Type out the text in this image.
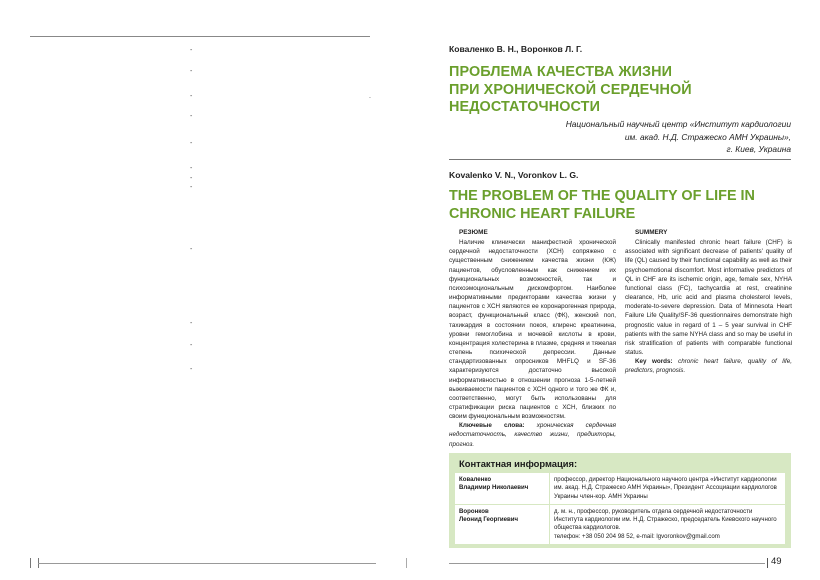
-
-
-	.
-
-
-
-
-
-
-
-
-
Коваленко В. Н., Воронков Л. Г.
ПРОБЛЕМА КАЧЕСТВА ЖИЗНИ
ПРИ ХРОНИЧЕСКОЙ СЕРДЕЧНОЙ
НЕДОСТАТОЧНОСТИ
Национальный научный центр «Институт кардиологии
им. акад. Н.Д. Стражеско АМН Украины»,
г. Киев, Украина
Kovalenko V. N., Voronkov L. G.
THE PROBLEM OF THE QUALITY OF LIFE IN
CHRONIC HEART FAILURE
РЕЗЮМЕ

Наличие клинически манифестной хронической сердечной недостаточности (ХСН) сопряжено с существенным снижением качества жизни (КЖ) пациентов, обусловленным как снижением их функциональных возможностей, так и психоэмоциональным дискомфортом. Наиболее информативными предикторами качества жизни у пациентов с ХСН являются ее коронарогенная природа, возраст, функциональный класс (ФК), женский пол, тахикардия в состоянии покоя, клиренс креатинина, уровни гемоглобина и мочевой кислоты в крови, концентрация холестерина в плазме, средняя и тяжелая степень психической депрессии. Данные стандартизованных опросников MHFLQ и SF-36 характеризуются достаточно высокой информативностью в отношении прогноза 1-5-летней выживаемости пациентов с ХСН одного и того же ФК и, соответственно, могут быть использованы для стратификации риска пациентов с ХСН, близких по своим функциональным возможностям.

Ключевые слова: хроническая сердечная недостаточность, качество жизни, предикторы, прогноз.

SUMMERY

Clinically manifested chronic heart failure (CHF) is associated with significant decrease of patients' quality of life (QL) caused by their functional capability as well as their psychoemotional discomfort. Most informative predictors of QL in CHF are its ischemic origin, age, female sex, NYHA functional class (FC), tachycardia at rest, creatinine clearance, Hb, uric acid and plasma cholesterol levels, moderate-to-severe depression. Data of Minnesota Heart Failure Life Quality/SF-36 questionnaires demonstrate high prognostic value in regard of 1 – 5 year survival in CHF patients with the same NYHA class and so may be useful in risk stratification of patients with comparable functional status.

Key words: chronic heart failure, quality of life, predictors, prognosis.

Контактная информация:
Коваленко
Владимир Николаевич
профессор, директор Национального научного центра «Институт кардиологии им. акад. Н.Д. Стражеско АМН Украины», Президент Ассоциации кардиологов Украины член-кор. АМН Украины
Воронков
Леонид Георгиевич
д. м. н., профессор, руководитель отдела сердечной недостаточности Институтa кардиологии им. Н.Д. Стражеско, председатель Киевского научного общества кардиологов.
телефон: +38 050 204 98 52, e-mail: lgvoronkov@gmail.com
49
